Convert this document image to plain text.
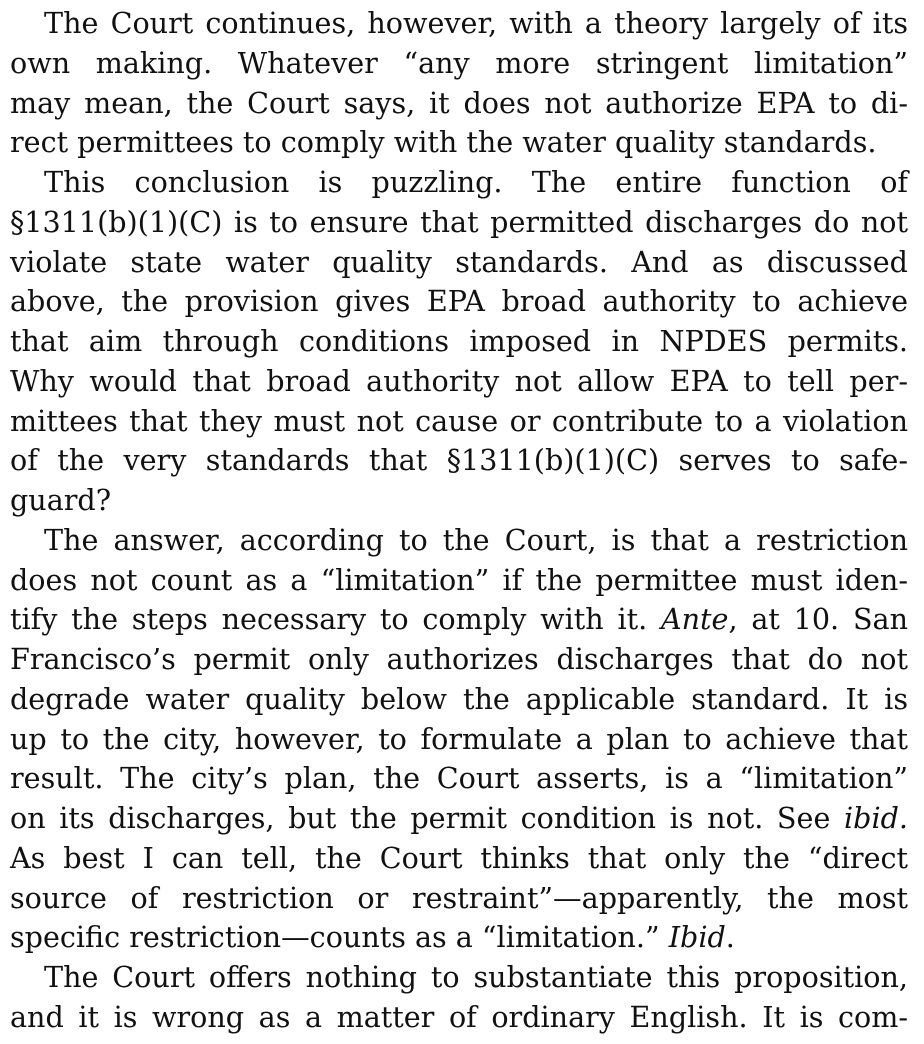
The Court continues, however, with a theory largely of its
own making. Whatever “any more stringent limitation”
may mean, the Court says, it does not authorize EPA to di-
rect permittees to comply with the water quality standards.
This conclusion is puzzling. The entire function of
§1311(b)(1)(C) is to ensure that permitted discharges do not
violate state water quality standards. And as discussed
above, the provision gives EPA broad authority to achieve
that aim through conditions imposed in NPDES permits.
Why would that broad authority not allow EPA to tell per-
mittees that they must not cause or contribute to a violation
of the very standards that §1311(b)(1)(C) serves to safe-
guard?
The answer, according to the Court, is that a restriction
does not count as a “limitation” if the permittee must iden-
tify the steps necessary to comply with it. Ante, at 10. San
Francisco’s permit only authorizes discharges that do not
degrade water quality below the applicable standard. It is
up to the city, however, to formulate a plan to achieve that
result. The city’s plan, the Court asserts, is a “limitation”
on its discharges, but the permit condition is not. See ibid.
As best I can tell, the Court thinks that only the “direct
source of restriction or restraint”—apparently, the most
specific restriction—counts as a “limitation.” Ibid.
The Court offers nothing to substantiate this proposition,
and it is wrong as a matter of ordinary English. It is com-
